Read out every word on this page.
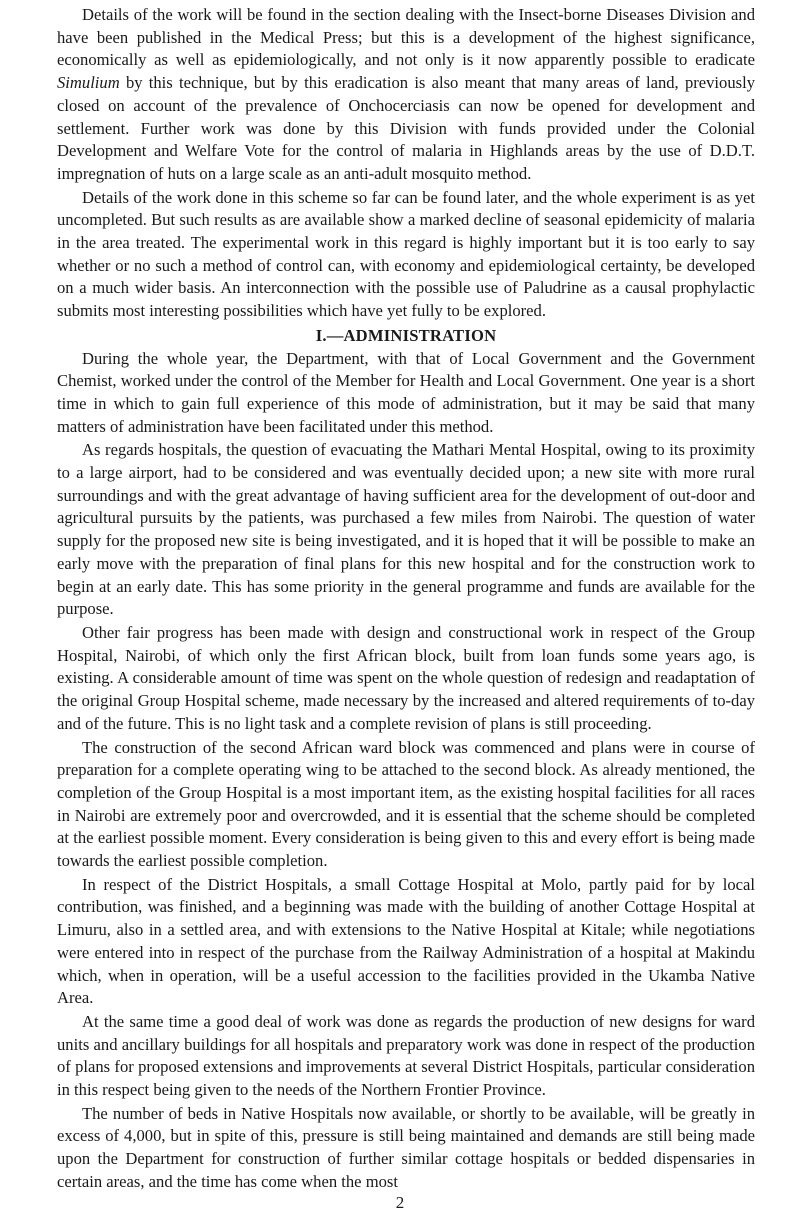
Details of the work will be found in the section dealing with the Insect-borne Diseases Division and have been published in the Medical Press; but this is a development of the highest significance, economically as well as epidemiologically, and not only is it now apparently possible to eradicate Simulium by this technique, but by this eradication is also meant that many areas of land, previously closed on account of the prevalence of Onchocerciasis can now be opened for development and settlement. Further work was done by this Division with funds provided under the Colonial Development and Welfare Vote for the control of malaria in Highlands areas by the use of D.D.T. impregnation of huts on a large scale as an anti-adult mosquito method.

Details of the work done in this scheme so far can be found later, and the whole experiment is as yet uncompleted. But such results as are available show a marked decline of seasonal epidemicity of malaria in the area treated. The experimental work in this regard is highly important but it is too early to say whether or no such a method of control can, with economy and epidemiological certainty, be developed on a much wider basis. An interconnection with the possible use of Paludrine as a causal prophylactic submits most interesting possibilities which have yet fully to be explored.

I.—ADMINISTRATION

During the whole year, the Department, with that of Local Government and the Government Chemist, worked under the control of the Member for Health and Local Government. One year is a short time in which to gain full experience of this mode of administration, but it may be said that many matters of administration have been facilitated under this method.

As regards hospitals, the question of evacuating the Mathari Mental Hospital, owing to its proximity to a large airport, had to be considered and was eventually decided upon; a new site with more rural surroundings and with the great advantage of having sufficient area for the development of out-door and agricultural pursuits by the patients, was purchased a few miles from Nairobi. The question of water supply for the proposed new site is being investigated, and it is hoped that it will be possible to make an early move with the preparation of final plans for this new hospital and for the construction work to begin at an early date. This has some priority in the general programme and funds are available for the purpose.

Other fair progress has been made with design and constructional work in respect of the Group Hospital, Nairobi, of which only the first African block, built from loan funds some years ago, is existing. A considerable amount of time was spent on the whole question of redesign and readaptation of the original Group Hospital scheme, made necessary by the increased and altered requirements of to-day and of the future. This is no light task and a complete revision of plans is still proceeding.

The construction of the second African ward block was commenced and plans were in course of preparation for a complete operating wing to be attached to the second block. As already mentioned, the completion of the Group Hospital is a most important item, as the existing hospital facilities for all races in Nairobi are extremely poor and overcrowded, and it is essential that the scheme should be completed at the earliest possible moment. Every consideration is being given to this and every effort is being made towards the earliest possible completion.

In respect of the District Hospitals, a small Cottage Hospital at Molo, partly paid for by local contribution, was finished, and a beginning was made with the building of another Cottage Hospital at Limuru, also in a settled area, and with extensions to the Native Hospital at Kitale; while negotiations were entered into in respect of the purchase from the Railway Administration of a hospital at Makindu which, when in operation, will be a useful accession to the facilities provided in the Ukamba Native Area.

At the same time a good deal of work was done as regards the production of new designs for ward units and ancillary buildings for all hospitals and preparatory work was done in respect of the production of plans for proposed extensions and improvements at several District Hospitals, particular consideration in this respect being given to the needs of the Northern Frontier Province.

The number of beds in Native Hospitals now available, or shortly to be available, will be greatly in excess of 4,000, but in spite of this, pressure is still being maintained and demands are still being made upon the Department for construction of further similar cottage hospitals or bedded dispensaries in certain areas, and the time has come when the most

2
